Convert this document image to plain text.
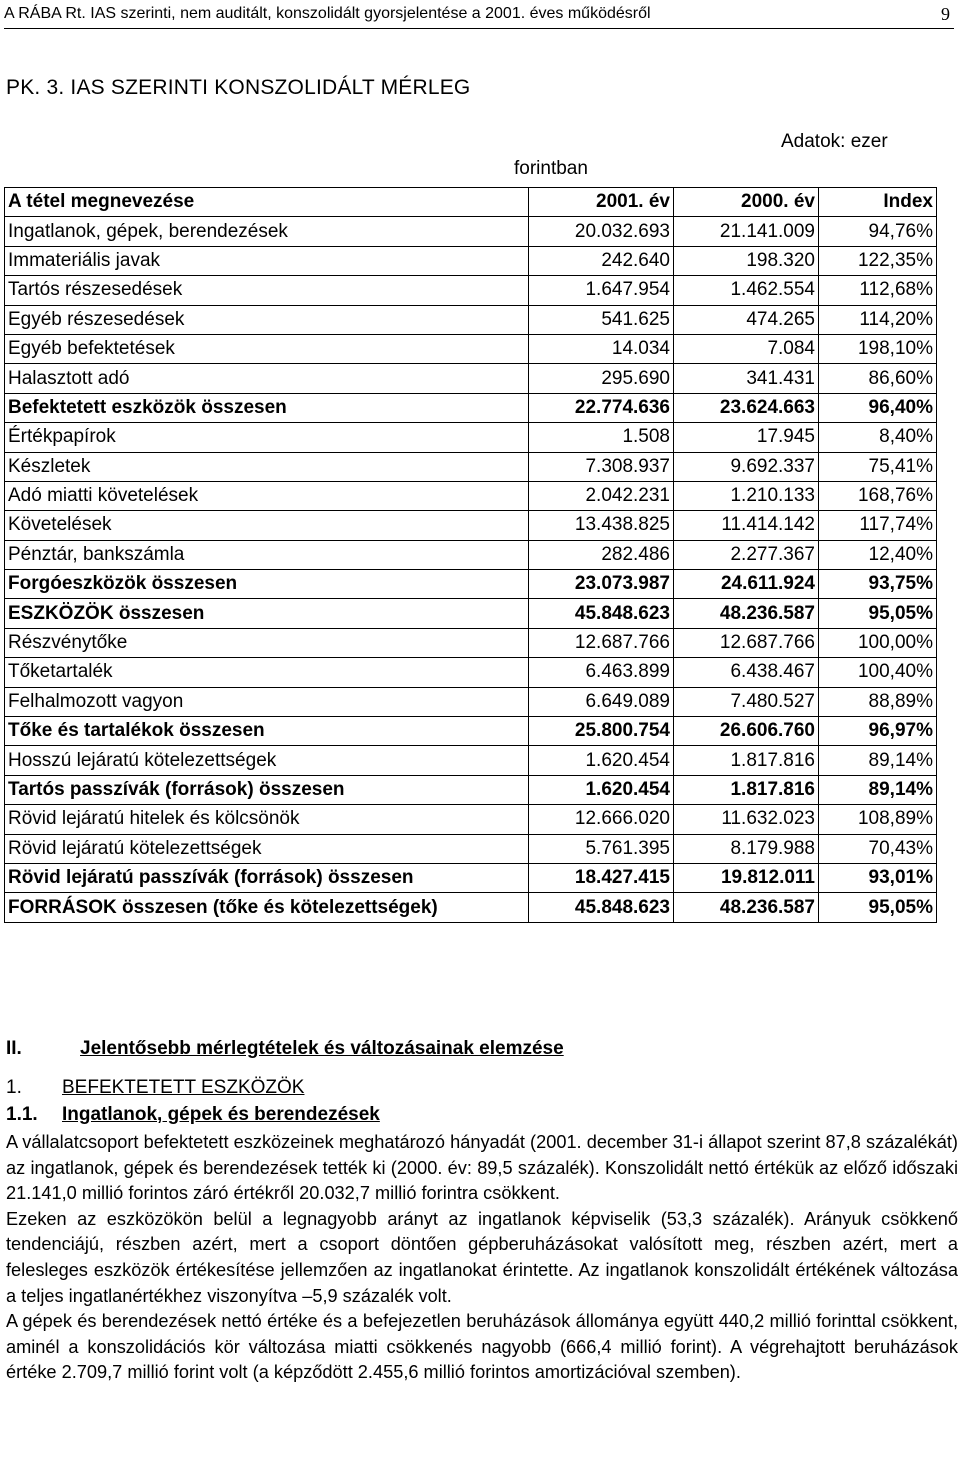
A RÁBA Rt. IAS szerinti, nem auditált, konszolidált gyorsjelentése a 2001. éves működésről	9
PK. 3. IAS SZERINTI KONSZOLIDÁLT MÉRLEG
Adatok: ezer
forintban
A tétel megnevezése	2001. év	2000. év	Index
Ingatlanok, gépek, berendezések	20.032.693	21.141.009	94,76%
Immateriális javak	242.640	198.320	122,35%
Tartós részesedések	1.647.954	1.462.554	112,68%
Egyéb részesedések	541.625	474.265	114,20%
Egyéb befektetések	14.034	7.084	198,10%
Halasztott adó	295.690	341.431	86,60%
Befektetett eszközök összesen	22.774.636	23.624.663	96,40%
Értékpapírok	1.508	17.945	8,40%
Készletek	7.308.937	9.692.337	75,41%
Adó miatti követelések	2.042.231	1.210.133	168,76%
Követelések	13.438.825	11.414.142	117,74%
Pénztár, bankszámla	282.486	2.277.367	12,40%
Forgóeszközök összesen	23.073.987	24.611.924	93,75%
ESZKÖZÖK összesen	45.848.623	48.236.587	95,05%
Részvénytőke	12.687.766	12.687.766	100,00%
Tőketartalék	6.463.899	6.438.467	100,40%
Felhalmozott vagyon	6.649.089	7.480.527	88,89%
Tőke és tartalékok összesen	25.800.754	26.606.760	96,97%
Hosszú lejáratú kötelezettségek	1.620.454	1.817.816	89,14%
Tartós passzívák (források) összesen	1.620.454	1.817.816	89,14%
Rövid lejáratú hitelek és kölcsönök	12.666.020	11.632.023	108,89%
Rövid lejáratú kötelezettségek	5.761.395	8.179.988	70,43%
Rövid lejáratú passzívák (források) összesen	18.427.415	19.812.011	93,01%
FORRÁSOK összesen (tőke és kötelezettségek)	45.848.623	48.236.587	95,05%
II.	Jelentősebb mérlegtételek és változásainak elemzése
1. BEFEKTETETT ESZKÖZÖK
1.1. Ingatlanok, gépek és berendezések

A vállalatcsoport befektetett eszközeinek meghatározó hányadát (2001. december 31-i állapot szerint 87,8 százalékát) az ingatlanok, gépek és berendezések tették ki (2000. év: 89,5 százalék). Konszolidált nettó értékük az előző időszaki 21.141,0 millió forintos záró értékről 20.032,7 millió forintra csökkent.

Ezeken az eszközökön belül a legnagyobb arányt az ingatlanok képviselik (53,3 százalék). Arányuk csökkenő tendenciájú, részben azért, mert a csoport döntően gépberuházásokat valósított meg, részben azért, mert a felesleges eszközök értékesítése jellemzően az ingatlanokat érintette. Az ingatlanok konszolidált értékének változása a teljes ingatlanértékhez viszonyítva –5,9 százalék volt.

A gépek és berendezések nettó értéke és a befejezetlen beruházások állománya együtt 440,2 millió forinttal csökkent, aminél a konszolidációs kör változása miatti csökkenés nagyobb (666,4 millió forint). A végrehajtott beruházások értéke 2.709,7 millió forint volt (a képződött 2.455,6 millió forintos amortizációval szemben).
